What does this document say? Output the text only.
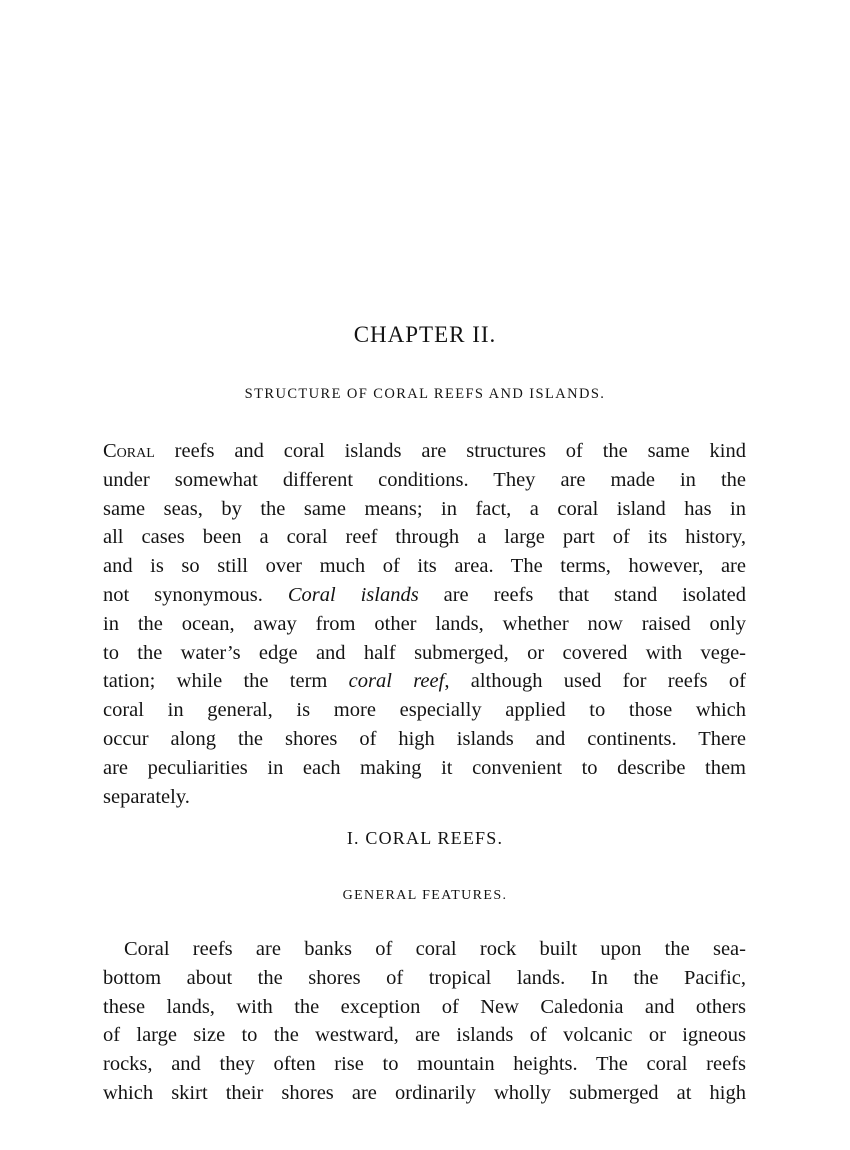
CHAPTER II.
STRUCTURE OF CORAL REEFS AND ISLANDS.
Coral reefs and coral islands are structures of the same kind
under somewhat different conditions. They are made in the
same seas, by the same means; in fact, a coral island has in
all cases been a coral reef through a large part of its history,
and is so still over much of its area. The terms, however, are
not synonymous. Coral islands are reefs that stand isolated
in the ocean, away from other lands, whether now raised only
to the water’s edge and half submerged, or covered with vege-
tation; while the term coral reef, although used for reefs of
coral in general, is more especially applied to those which
occur along the shores of high islands and continents. There
are peculiarities in each making it convenient to describe them
separately.
I. CORAL REEFS.
GENERAL FEATURES.
Coral reefs are banks of coral rock built upon the sea-
bottom about the shores of tropical lands. In the Pacific,
these lands, with the exception of New Caledonia and others
of large size to the westward, are islands of volcanic or igneous
rocks, and they often rise to mountain heights. The coral reefs
which skirt their shores are ordinarily wholly submerged at high
